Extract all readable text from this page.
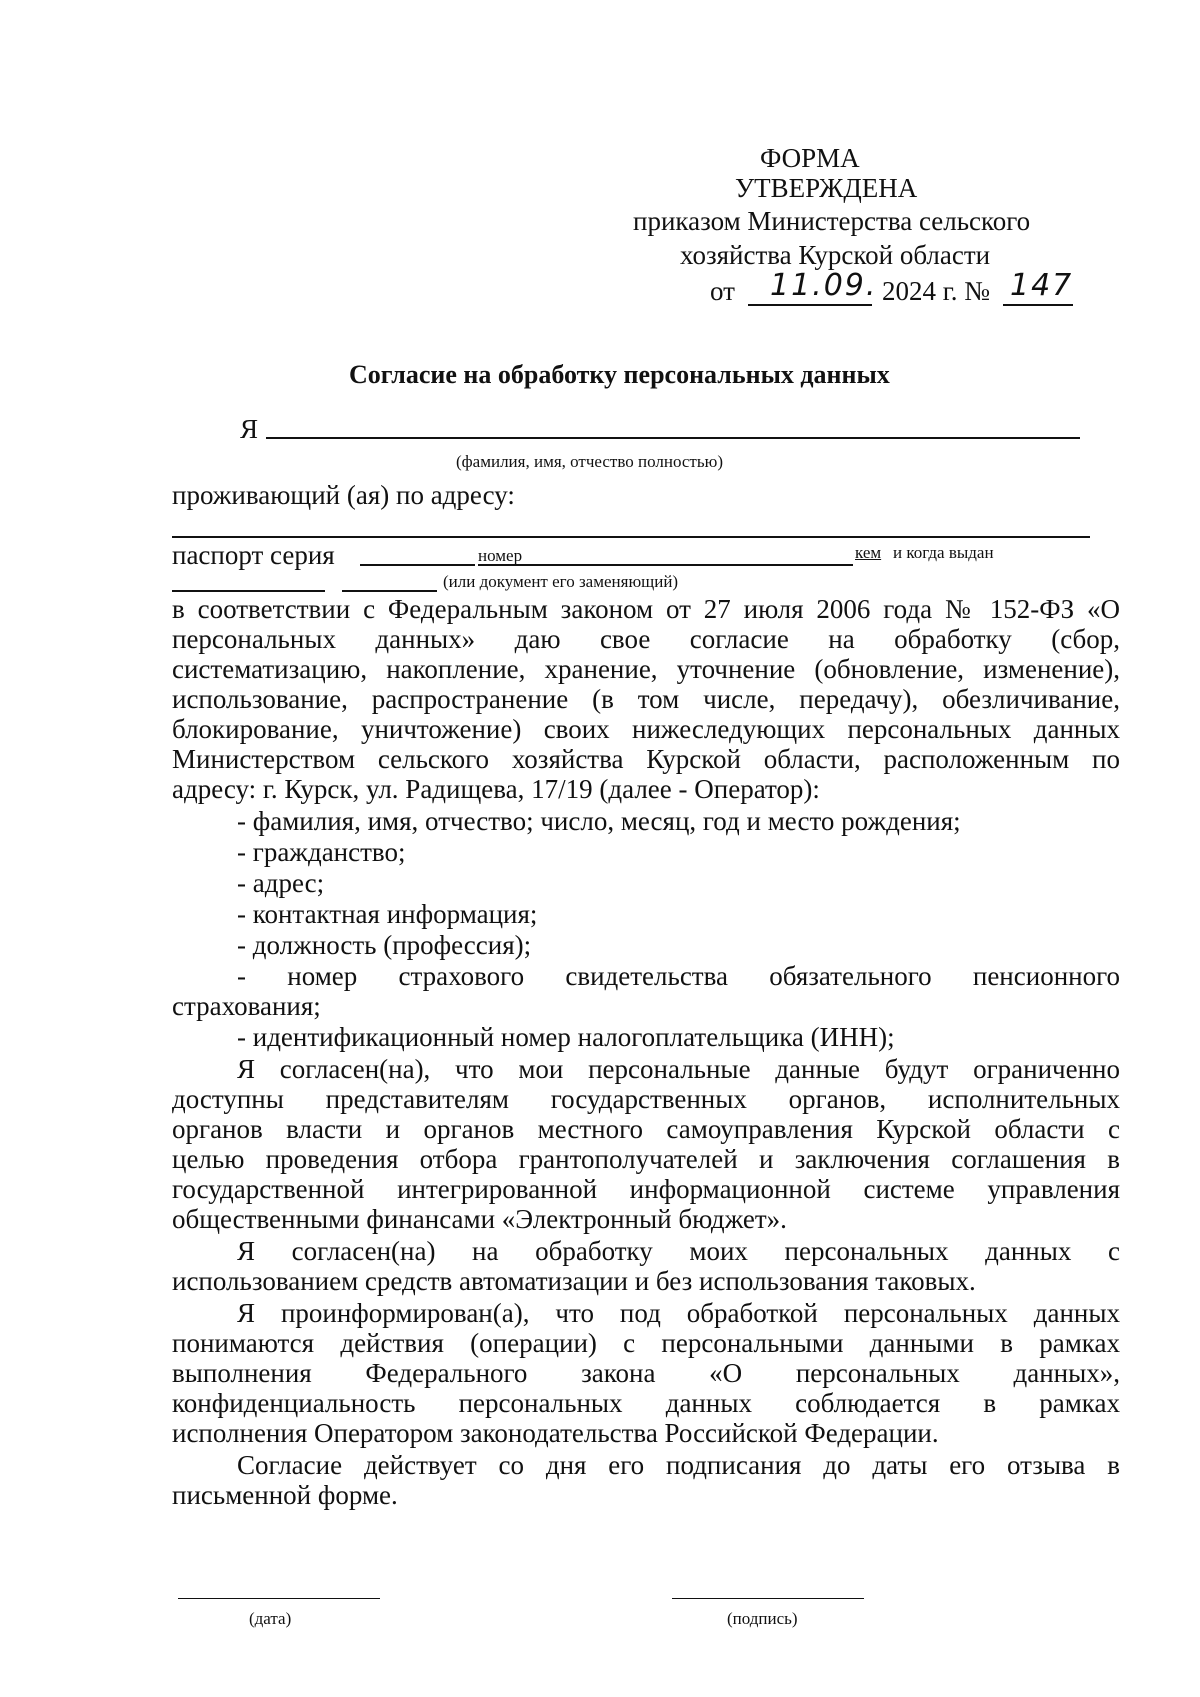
ФОРМА
УТВЕРЖДЕНА
приказом Министерства сельского
хозяйства Курской области
от 11.09. 2024 г. № 147
Согласие на обработку персональных данных
Я
(фамилия, имя, отчество полностью)
проживающий (ая) по адресу:
паспорт серия	номер	кем и когда выдан
(или документ его заменяющий)
в соответствии с Федеральным законом от 27 июля 2006 года № 152-ФЗ «О
персональных данных» даю свое согласие на обработку (сбор,
систематизацию, накопление, хранение, уточнение (обновление, изменение),
использование, распространение (в том числе, передачу), обезличивание,
блокирование, уничтожение) своих нижеследующих персональных данных
Министерством сельского хозяйства Курской области, расположенным по
адресу: г. Курск, ул. Радищева, 17/19 (далее - Оператор):
- фамилия, имя, отчество; число, месяц, год и место рождения;
- гражданство;
- адрес;
- контактная информация;
- должность (профессия);
- номер страхового свидетельства обязательного пенсионного
страхования;
- идентификационный номер налогоплательщика (ИНН);
Я согласен(на), что мои персональные данные будут ограниченно
доступны представителям государственных органов, исполнительных
органов власти и органов местного самоуправления Курской области с
целью проведения отбора грантополучателей и заключения соглашения в
государственной интегрированной информационной системе управления
общественными финансами «Электронный бюджет».
Я согласен(на) на обработку моих персональных данных с
использованием средств автоматизации и без использования таковых.
Я проинформирован(а), что под обработкой персональных данных
понимаются действия (операции) с персональными данными в рамках
выполнения Федерального закона «О персональных данных»,
конфиденциальность персональных данных соблюдается в рамках
исполнения Оператором законодательства Российской Федерации.
Согласие действует со дня его подписания до даты его отзыва в
письменной форме.
(дата)	(подпись)
